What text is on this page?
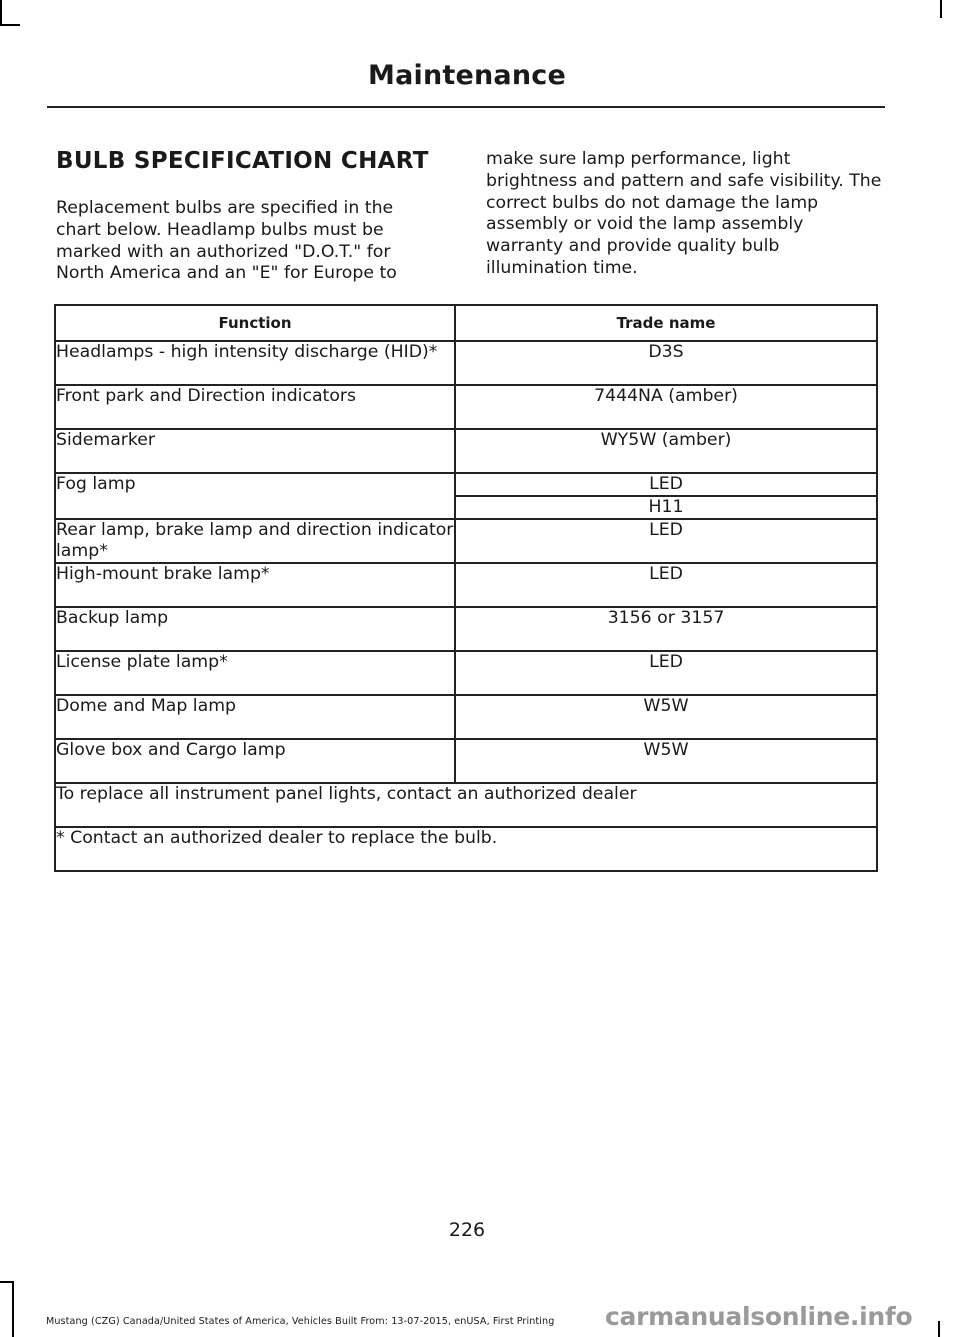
Maintenance
BULB SPECIFICATION CHART

Replacement bulbs are specified in the chart below. Headlamp bulbs must be marked with an authorized "D.O.T." for North America and an "E" for Europe to

make sure lamp performance, light brightness and pattern and safe visibility. The correct bulbs do not damage the lamp assembly or void the lamp assembly warranty and provide quality bulb illumination time.

Function	Trade name
Headlamps - high intensity discharge (HID)*	D3S
Front park and Direction indicators	7444NA (amber)
Sidemarker	WY5W (amber)
Fog lamp	LED
	H11
Rear lamp, brake lamp and direction indicator lamp*	LED
High-mount brake lamp*	LED
Backup lamp	3156 or 3157
License plate lamp*	LED
Dome and Map lamp	W5W
Glove box and Cargo lamp	W5W
To replace all instrument panel lights, contact an authorized dealer	
* Contact an authorized dealer to replace the bulb.	
226
Mustang (CZG) Canada/United States of America, Vehicles Built From: 13-07-2015, enUSA, First Printing carmanualsonline.info
